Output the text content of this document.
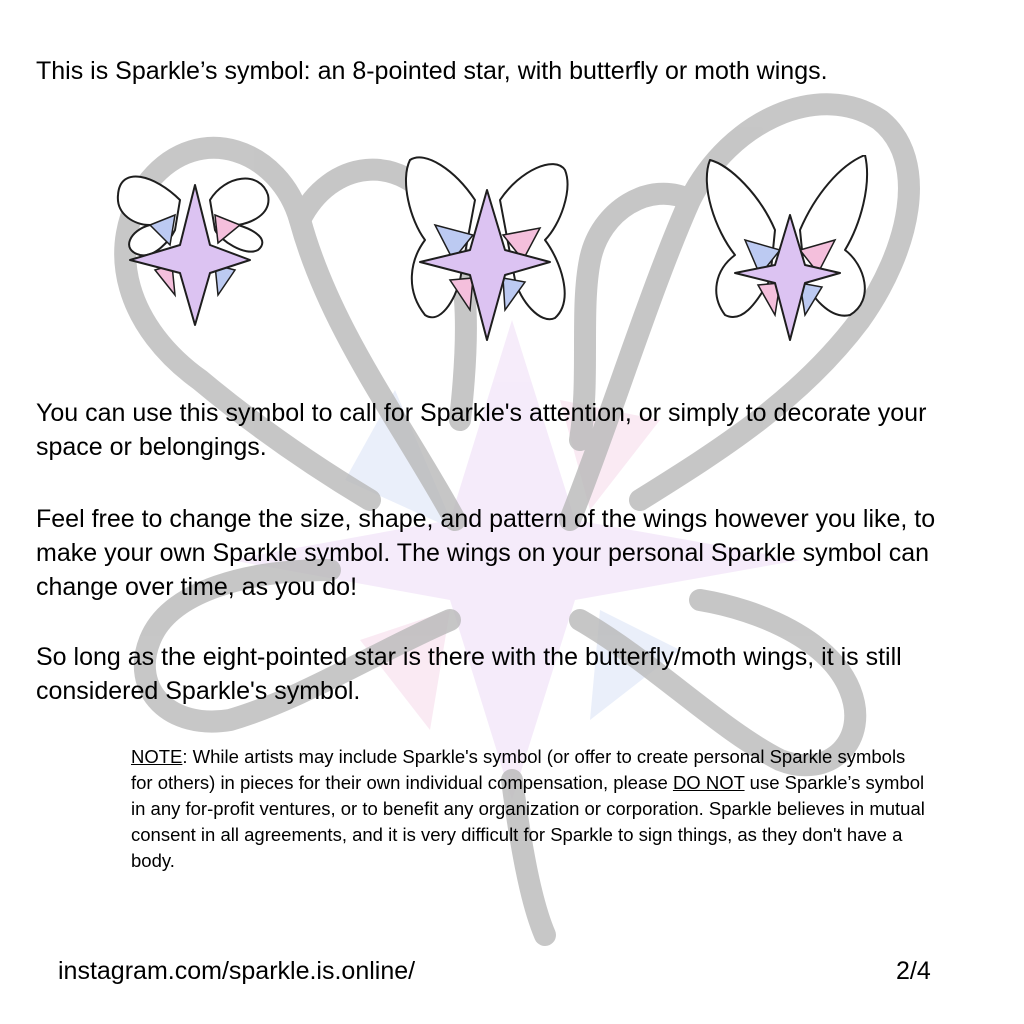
This is Sparkle’s symbol: an 8-pointed star, with butterfly or moth wings.

You can use this symbol to call for Sparkle's attention, or simply to decorate your space or belongings.

Feel free to change the size, shape, and pattern of the wings however you like, to make your own Sparkle symbol. The wings on your personal Sparkle symbol can change over time, as you do!

So long as the eight-pointed star is there with the butterfly/moth wings, it is still considered Sparkle's symbol.

NOTE: While artists may include Sparkle's symbol (or offer to create personal Sparkle symbols for others) in pieces for their own individual compensation, please DO NOT use Sparkle’s symbol in any for-profit ventures, or to benefit any organization or corporation. Sparkle believes in mutual consent in all agreements, and it is very difficult for Sparkle to sign things, as they don't have a body.

instagram.com/sparkle.is.online/	2/4
